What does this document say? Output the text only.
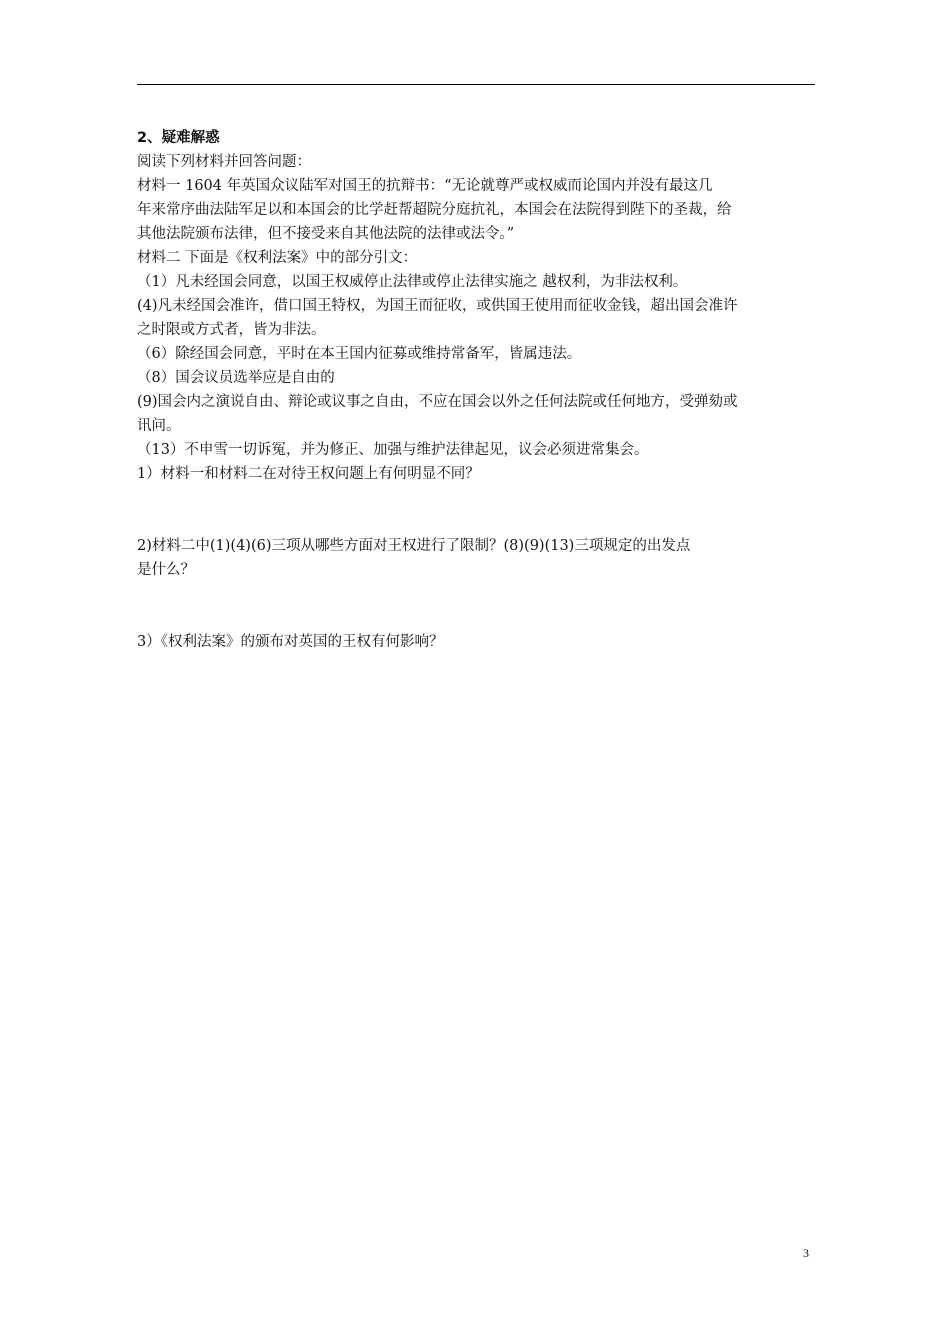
2、疑难解惑
阅读下列材料并回答问题：
材料一 1604 年英国众议陆军对国王的抗辩书：“无论就尊严或权威而论国内并没有最这几
年来常序曲法陆军足以和本国会的比学赶帮超院分庭抗礼，本国会在法院得到陛下的圣裁，给
其他法院颁布法律，但不接受来自其他法院的法律或法令。”
材料二 下面是《权利法案》中的部分引文：
（1）凡未经国会同意，以国王权威停止法律或停止法律实施之 越权利，为非法权利。
(4)凡未经国会准许，借口国王特权，为国王而征收，或供国王使用而征收金钱，超出国会准许
之时限或方式者，皆为非法。
（6）除经国会同意，平时在本王国内征募或维持常备军，皆属违法。
（8）国会议员选举应是自由的
(9)国会内之演说自由、辩论或议事之自由，不应在国会以外之任何法院或任何地方，受弹劾或
讯问。
（13）不申雪一切诉冤，并为修正、加强与维护法律起见，议会必须进常集会。
1）材料一和材料二在对待王权问题上有何明显不同？
2)材料二中(1)(4)(6)三项从哪些方面对王权进行了限制？(8)(9)(13)三项规定的出发点
是什么？
3）《权利法案》的颁布对英国的王权有何影响？
3
